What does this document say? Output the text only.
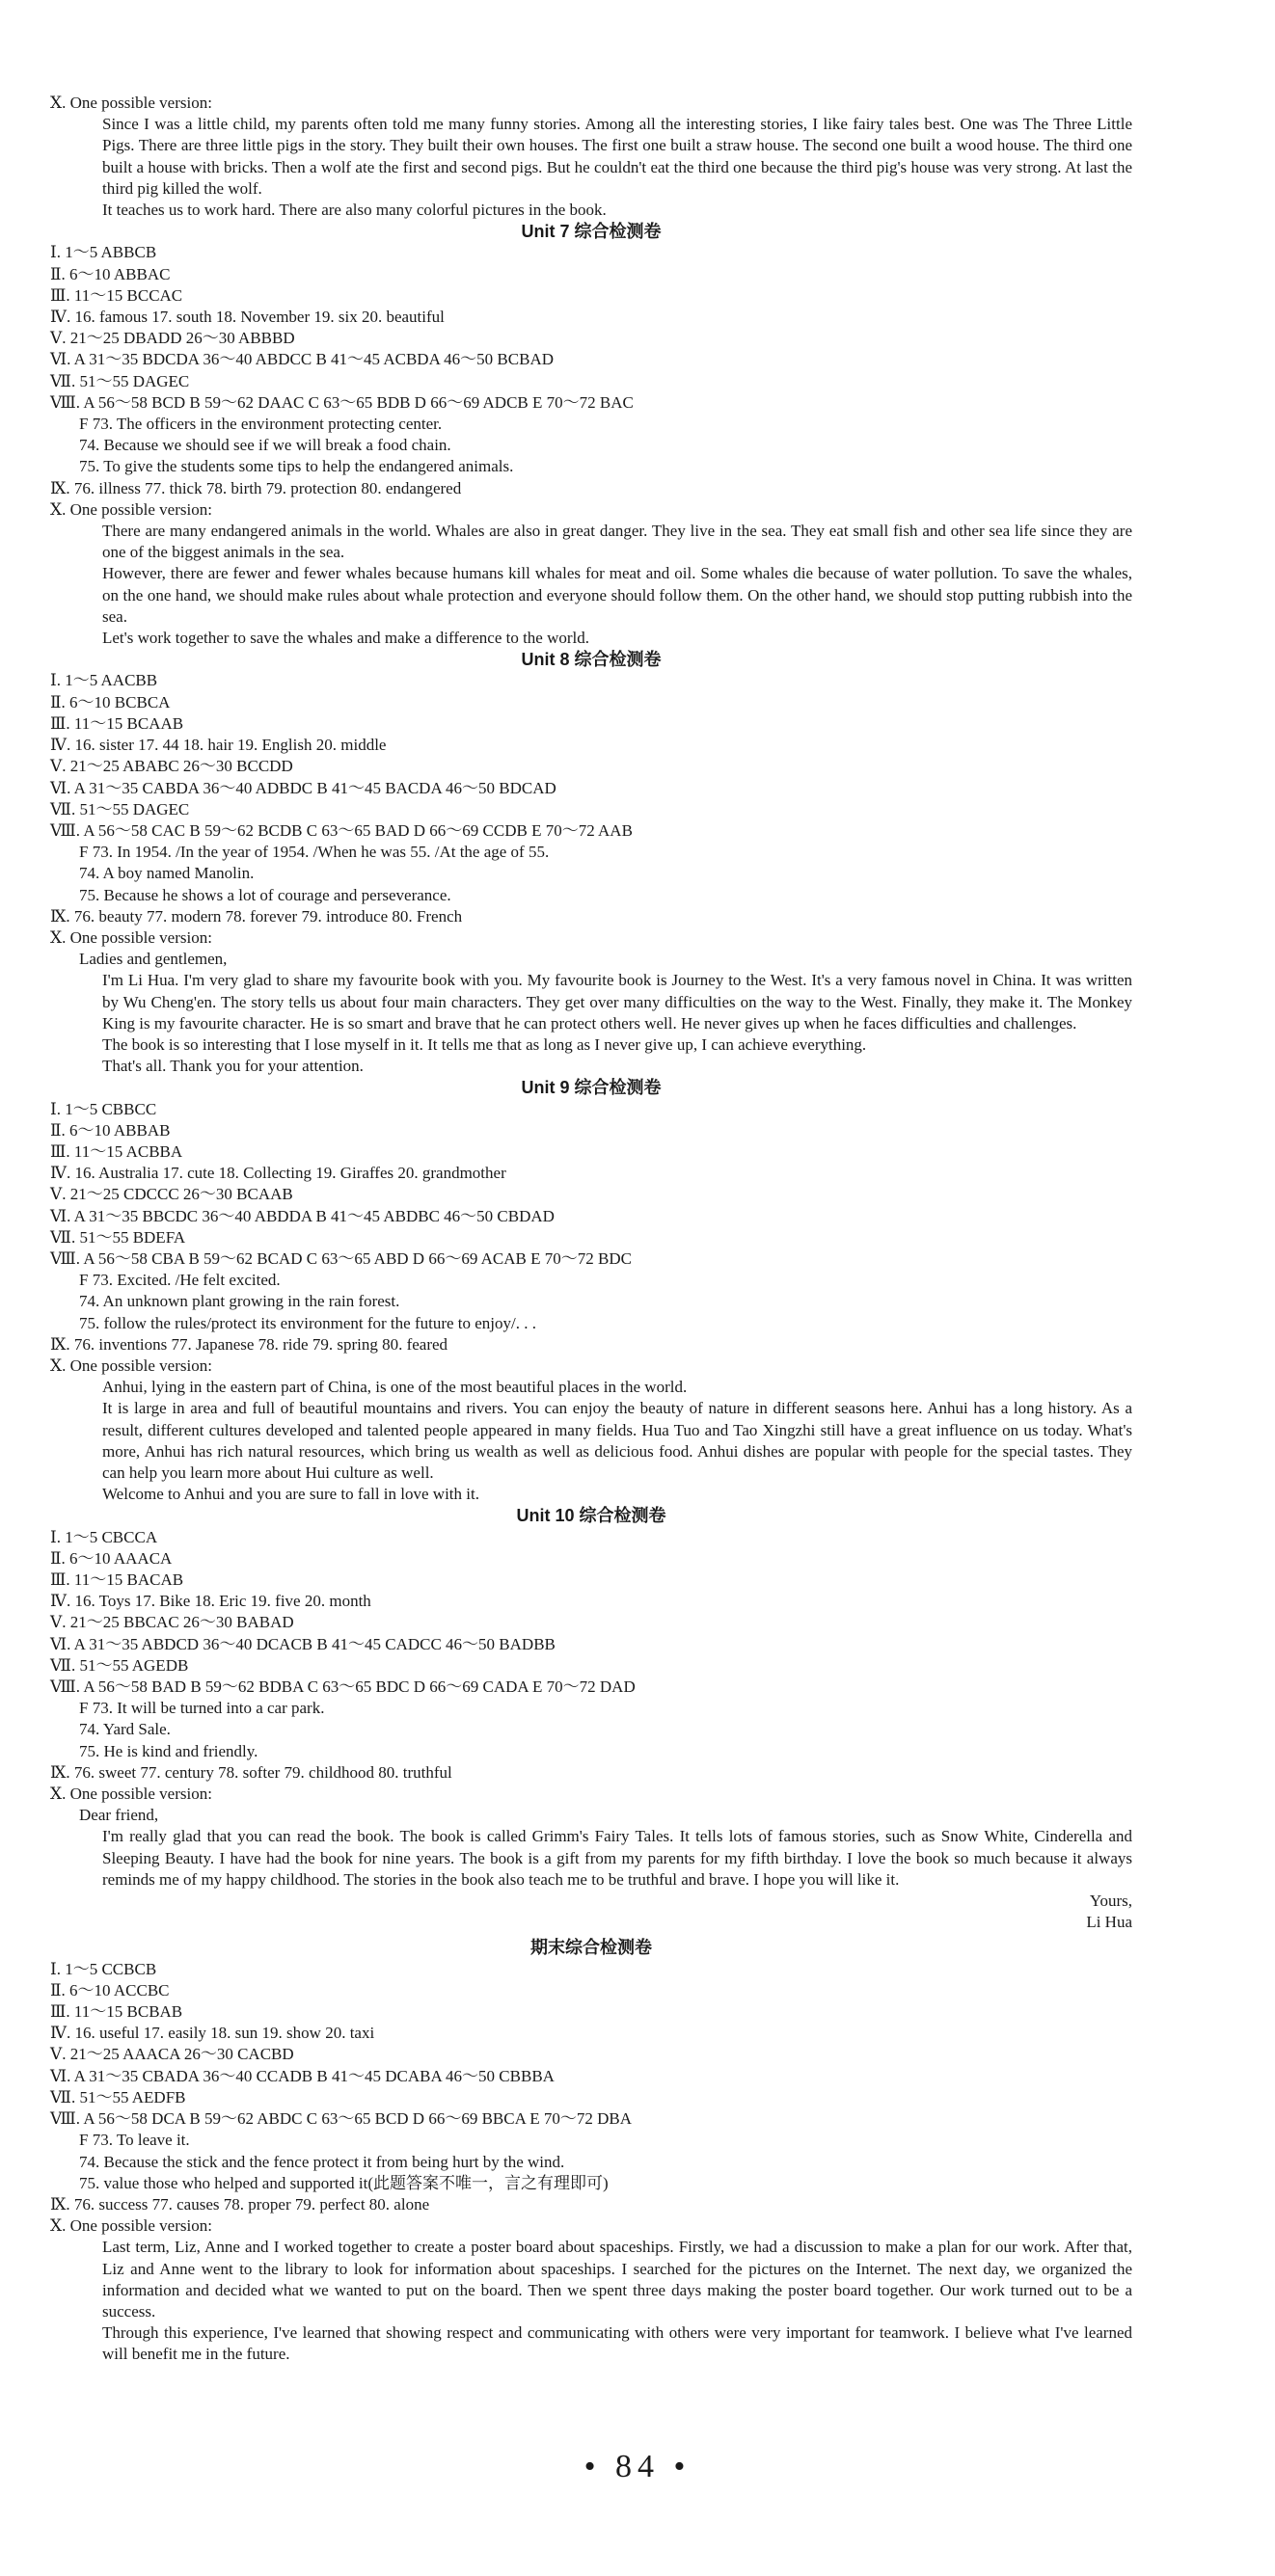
Ⅹ. One possible version:
Since I was a little child, my parents often told me many funny stories. Among all the interesting stories, I like fairy tales best. One was The Three Little Pigs. There are three little pigs in the story. They built their own houses. The first one built a straw house. The second one built a wood house. The third one built a house with bricks. Then a wolf ate the first and second pigs. But he couldn't eat the third one because the third pig's house was very strong. At last the third pig killed the wolf.
It teaches us to work hard. There are also many colorful pictures in the book.
Unit 7 综合检测卷
Ⅰ. 1～5 ABBCB
Ⅱ. 6～10 ABBAC
Ⅲ. 11～15 BCCAC
Ⅳ. 16. famous 17. south 18. November 19. six 20. beautiful
Ⅴ. 21～25 DBADD 26～30 ABBBD
Ⅵ. A 31～35 BDCDA 36～40 ABDCC B 41～45 ACBDA 46～50 BCBAD
Ⅶ. 51～55 DAGEC
Ⅷ. A 56～58 BCD B 59～62 DAAC C 63～65 BDB D 66～69 ADCB E 70～72 BAC
F 73. The officers in the environment protecting center.
74. Because we should see if we will break a food chain.
75. To give the students some tips to help the endangered animals.
Ⅸ. 76. illness 77. thick 78. birth 79. protection 80. endangered
Ⅹ. One possible version:
There are many endangered animals in the world. Whales are also in great danger. They live in the sea. They eat small fish and other sea life since they are one of the biggest animals in the sea.
However, there are fewer and fewer whales because humans kill whales for meat and oil. Some whales die because of water pollution. To save the whales, on the one hand, we should make rules about whale protection and everyone should follow them. On the other hand, we should stop putting rubbish into the sea.
Let's work together to save the whales and make a difference to the world.
Unit 8 综合检测卷
Ⅰ. 1～5 AACBB
Ⅱ. 6～10 BCBCA
Ⅲ. 11～15 BCAAB
Ⅳ. 16. sister 17. 44 18. hair 19. English 20. middle
Ⅴ. 21～25 ABABC 26～30 BCCDD
Ⅵ. A 31～35 CABDA 36～40 ADBDC B 41～45 BACDA 46～50 BDCAD
Ⅶ. 51～55 DAGEC
Ⅷ. A 56～58 CAC B 59～62 BCDB C 63～65 BAD D 66～69 CCDB E 70～72 AAB
F 73. In 1954. /In the year of 1954. /When he was 55. /At the age of 55.
74. A boy named Manolin.
75. Because he shows a lot of courage and perseverance.
Ⅸ. 76. beauty 77. modern 78. forever 79. introduce 80. French
Ⅹ. One possible version:
Ladies and gentlemen,
I'm Li Hua. I'm very glad to share my favourite book with you. My favourite book is Journey to the West. It's a very famous novel in China. It was written by Wu Cheng'en. The story tells us about four main characters. They get over many difficulties on the way to the West. Finally, they make it. The Monkey King is my favourite character. He is so smart and brave that he can protect others well. He never gives up when he faces difficulties and challenges.
The book is so interesting that I lose myself in it. It tells me that as long as I never give up, I can achieve everything.
That's all. Thank you for your attention.
Unit 9 综合检测卷
Ⅰ. 1～5 CBBCC
Ⅱ. 6～10 ABBAB
Ⅲ. 11～15 ACBBA
Ⅳ. 16. Australia 17. cute 18. Collecting 19. Giraffes 20. grandmother
Ⅴ. 21～25 CDCCC 26～30 BCAAB
Ⅵ. A 31～35 BBCDC 36～40 ABDDA B 41～45 ABDBC 46～50 CBDAD
Ⅶ. 51～55 BDEFA
Ⅷ. A 56～58 CBA B 59～62 BCAD C 63～65 ABD D 66～69 ACAB E 70～72 BDC
F 73. Excited. /He felt excited.
74. An unknown plant growing in the rain forest.
75. follow the rules/protect its environment for the future to enjoy/. . .
Ⅸ. 76. inventions 77. Japanese 78. ride 79. spring 80. feared
Ⅹ. One possible version:
Anhui, lying in the eastern part of China, is one of the most beautiful places in the world.
It is large in area and full of beautiful mountains and rivers. You can enjoy the beauty of nature in different seasons here. Anhui has a long history. As a result, different cultures developed and talented people appeared in many fields. Hua Tuo and Tao Xingzhi still have a great influence on us today. What's more, Anhui has rich natural resources, which bring us wealth as well as delicious food. Anhui dishes are popular with people for the special tastes. They can help you learn more about Hui culture as well.
Welcome to Anhui and you are sure to fall in love with it.
Unit 10 综合检测卷
Ⅰ. 1～5 CBCCA
Ⅱ. 6～10 AAACA
Ⅲ. 11～15 BACAB
Ⅳ. 16. Toys 17. Bike 18. Eric 19. five 20. month
Ⅴ. 21～25 BBCAC 26～30 BABAD
Ⅵ. A 31～35 ABDCD 36～40 DCACB B 41～45 CADCC 46～50 BADBB
Ⅶ. 51～55 AGEDB
Ⅷ. A 56～58 BAD B 59～62 BDBA C 63～65 BDC D 66～69 CADA E 70～72 DAD
F 73. It will be turned into a car park.
74. Yard Sale.
75. He is kind and friendly.
Ⅸ. 76. sweet 77. century 78. softer 79. childhood 80. truthful
Ⅹ. One possible version:
Dear friend,
I'm really glad that you can read the book. The book is called Grimm's Fairy Tales. It tells lots of famous stories, such as Snow White, Cinderella and Sleeping Beauty. I have had the book for nine years. The book is a gift from my parents for my fifth birthday. I love the book so much because it always reminds me of my happy childhood. The stories in the book also teach me to be truthful and brave. I hope you will like it.
Yours,
Li Hua
期末综合检测卷
Ⅰ. 1～5 CCBCB
Ⅱ. 6～10 ACCBC
Ⅲ. 11～15 BCBAB
Ⅳ. 16. useful 17. easily 18. sun 19. show 20. taxi
Ⅴ. 21～25 AAACA 26～30 CACBD
Ⅵ. A 31～35 CBADA 36～40 CCADB B 41～45 DCABA 46～50 CBBBA
Ⅶ. 51～55 AEDFB
Ⅷ. A 56～58 DCA B 59～62 ABDC C 63～65 BCD D 66～69 BBCA E 70～72 DBA
F 73. To leave it.
74. Because the stick and the fence protect it from being hurt by the wind.
75. value those who helped and supported it(此题答案不唯一，言之有理即可)
Ⅸ. 76. success 77. causes 78. proper 79. perfect 80. alone
Ⅹ. One possible version:
Last term, Liz, Anne and I worked together to create a poster board about spaceships. Firstly, we had a discussion to make a plan for our work. After that, Liz and Anne went to the library to look for information about spaceships. I searched for the pictures on the Internet. The next day, we organized the information and decided what we wanted to put on the board. Then we spent three days making the poster board together. Our work turned out to be a success.
Through this experience, I've learned that showing respect and communicating with others were very important for teamwork. I believe what I've learned will benefit me in the future.
• 84 •
